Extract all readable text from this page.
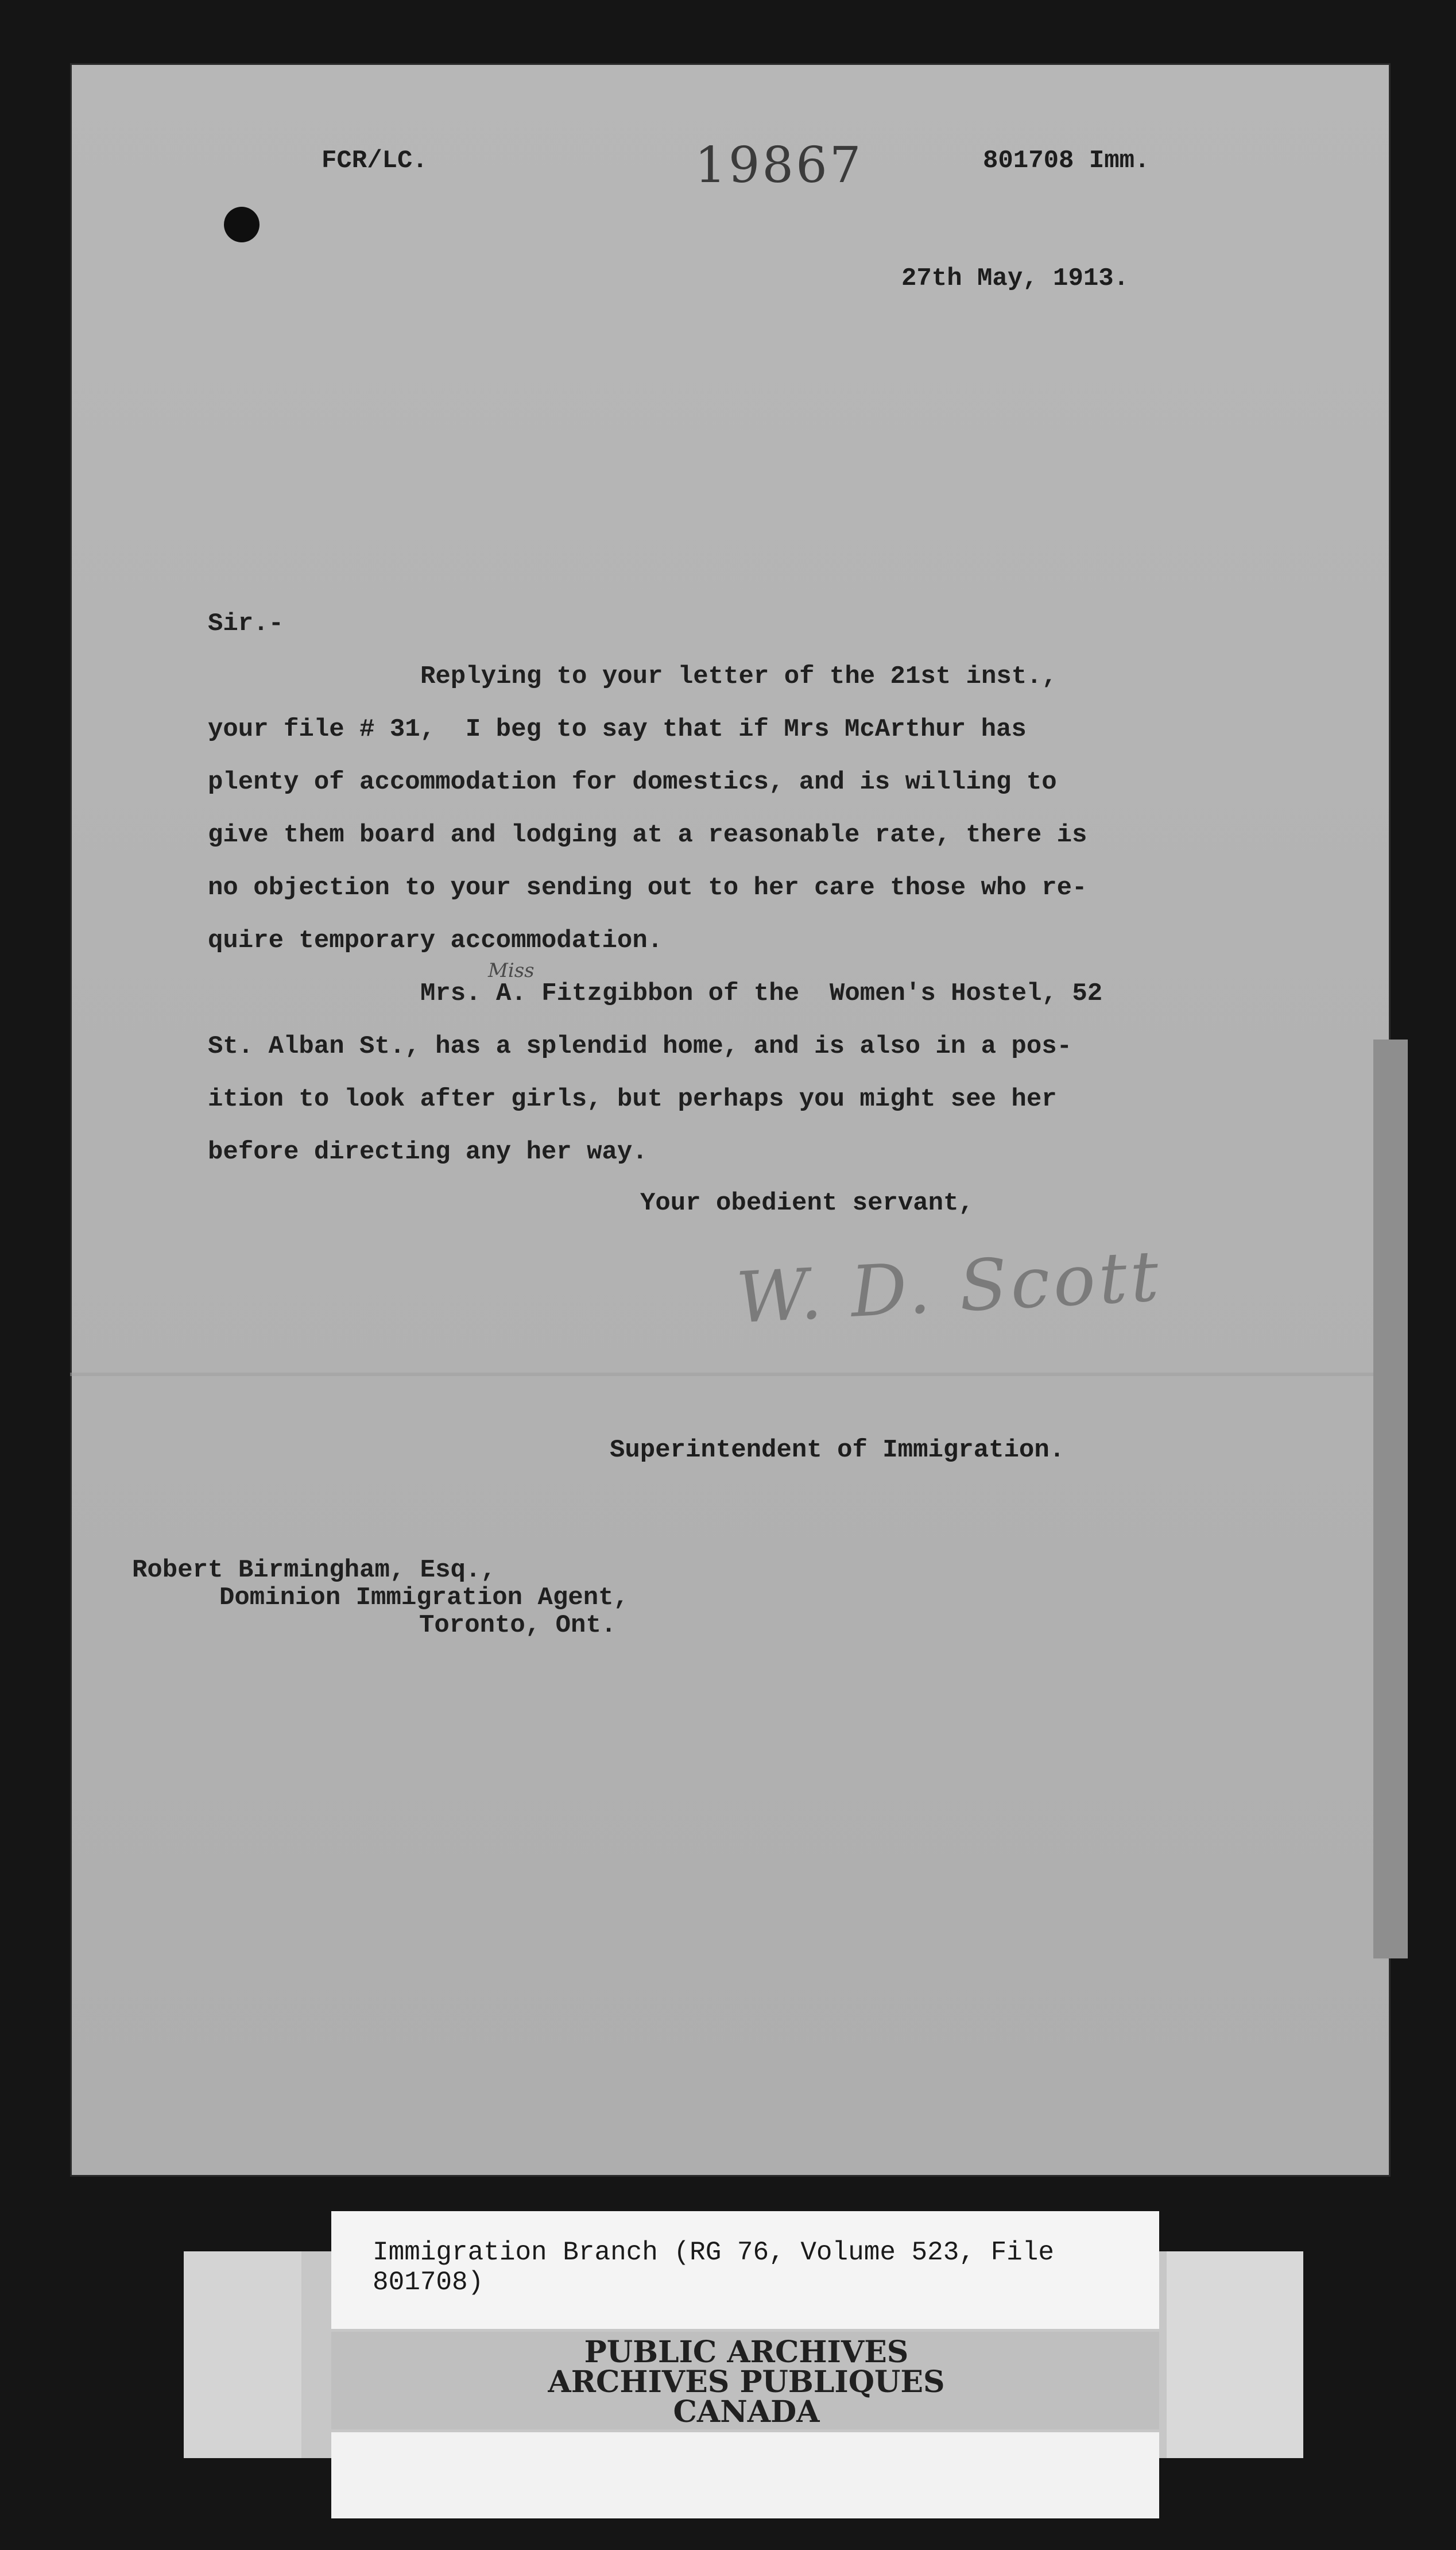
FCR/LC.	19867	801708 Imm.
27th May, 1913.
Sir.-
Replying to your letter of the 21st inst.,
your file # 31,  I beg to say that if Mrs McArthur has
plenty of accommodation for domestics, and is willing to
give them board and lodging at a reasonable rate, there is
no objection to your sending out to her care those who re-
quire temporary accommodation.
Mrs. A. Fitzgibbon of the  Women's Hostel, 52
St. Alban St., has a splendid home, and is also in a pos-
ition to look after girls, but perhaps you might see her
before directing any her way.
Miss
Your obedient servant,
W. D. Scott
Superintendent of Immigration.
Robert Birmingham, Esq.,
Dominion Immigration Agent,
Toronto, Ont.
Immigration Branch (RG 76, Volume 523, File 801708)
PUBLIC ARCHIVES
ARCHIVES PUBLIQUES
CANADA
